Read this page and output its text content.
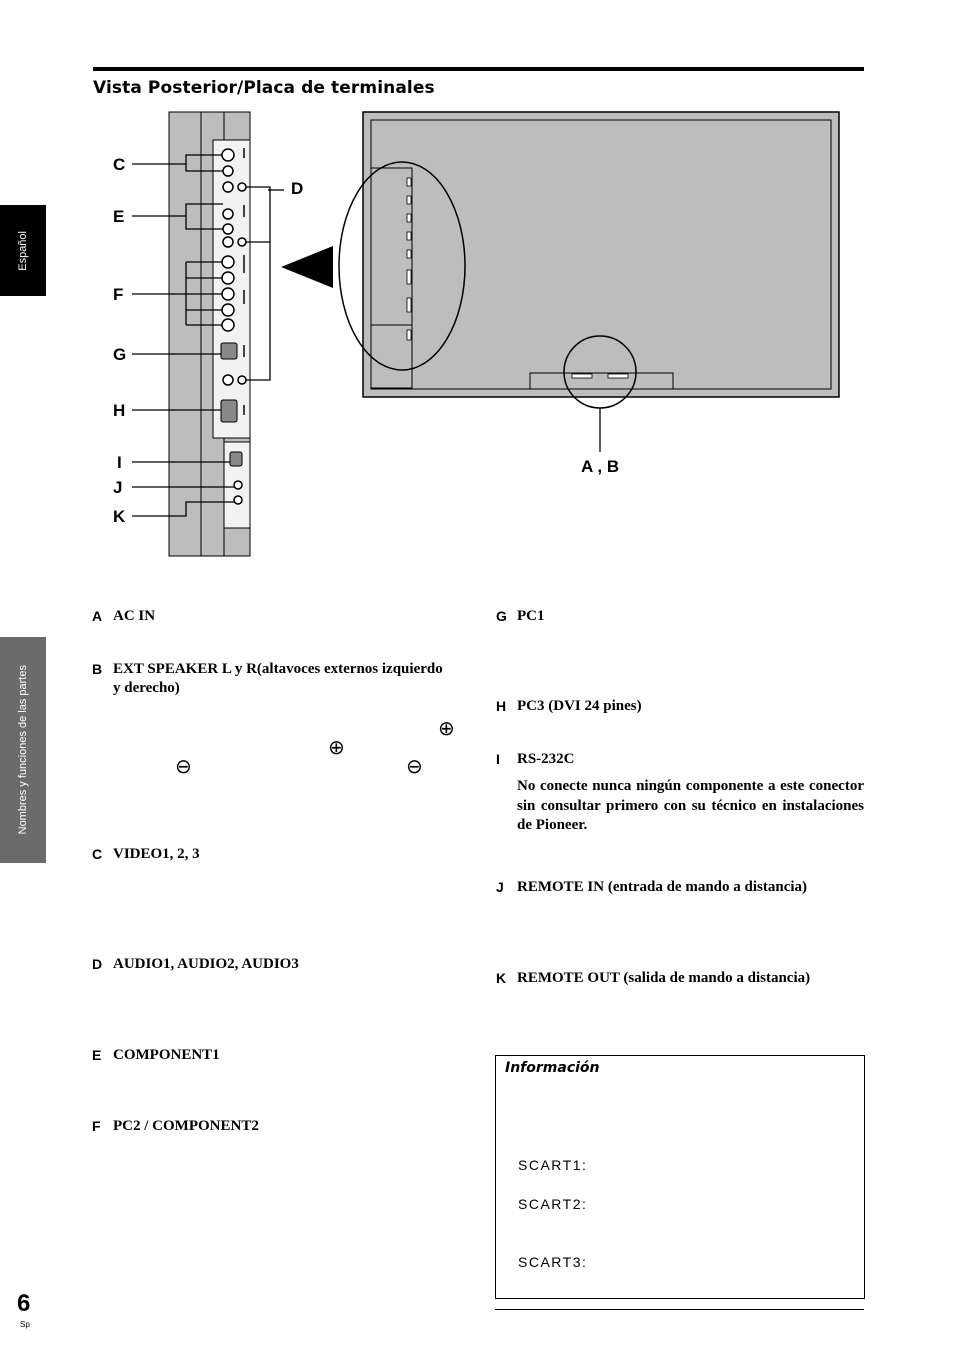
Vista Posterior/Placa de terminales
Español
Nombres y funciones de las partes
C
E
F
G
H
I
J
K
D
A , B
A AC IN
B EXT SPEAKER L y R(altavoces externos izquierdo
y derecho)
⊕
⊕
⊖	⊖
C VIDEO1, 2, 3
D AUDIO1, AUDIO2, AUDIO3
E COMPONENT1
F PC2 / COMPONENT2
G PC1
H PC3 (DVI 24 pines)
I RS-232C
No conecte nunca ningún componente a este conector sin consultar primero con su técnico en instalaciones de Pioneer.
J REMOTE IN (entrada de mando a distancia)
K REMOTE OUT (salida de mando a distancia)
Información
SCART1:
SCART2:
SCART3:
6
Sp
